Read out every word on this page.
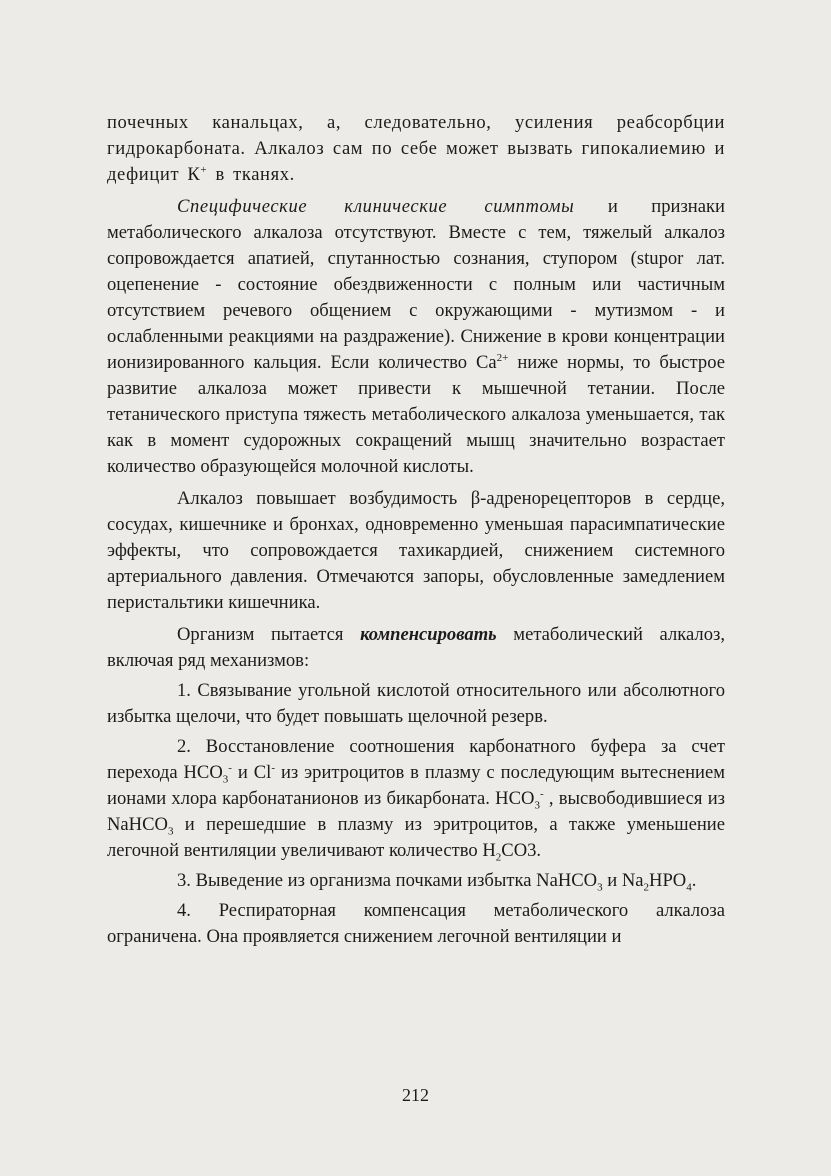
почечных канальцах, а, следовательно, усиления реабсорбции гидрокарбоната. Алкалоз сам по себе может вызвать гипокалиемию и дефицит К+ в тканях.

Специфические клинические симптомы и признаки метаболического алкалоза отсутствуют. Вместе с тем, тяжелый алкалоз сопровождается апатией, спутанностью сознания, ступором (stupor лат. оцепенение - состояние обездвиженности с полным или частичным отсутствием речевого общением с окружающими - мутизмом - и ослабленными реакциями на раздражение). Снижение в крови концентрации ионизированного кальция. Если количество $Са^{2+}$ ниже нормы, то быстрое развитие алкалоза может привести к мышечной тетании. После тетанического приступа тяжесть метаболического алкалоза уменьшается, так как в момент судорожных сокращений мышц значительно возрастает количество образующейся молочной кислоты.

Алкалоз повышает возбудимость β-адренорецепторов в сердце, сосудах, кишечнике и бронхах, одновременно уменьшая парасимпатические эффекты, что сопровождается тахикардией, снижением системного артериального давления. Отмечаются запоры, обусловленные замедлением перистальтики кишечника.

Организм пытается компенсировать метаболический алкалоз, включая ряд механизмов:

1. Связывание угольной кислотой относительного или абсолютного избытка щелочи, что будет повышать щелочной резерв.

2. Восстановление соотношения карбонатного буфера за счет перехода $НСО_3^-$ и Cl- из эритроцитов в плазму с последующим вытеснением ионами хлора карбонатанионов из бикарбоната. $НСО_3^-$ , высвободившиеся из NaHCO$_3$ и перешедшие в плазму из эритроцитов, а также уменьшение легочной вентиляции увеличивают количество $H_2CO3$.

3. Выведение из организма почками избытка NaHCO$_3$ и $Na_2HPO_4$.

4. Респираторная компенсация метаболического алкалоза ограничена. Она проявляется снижением легочной вентиляции и

212
